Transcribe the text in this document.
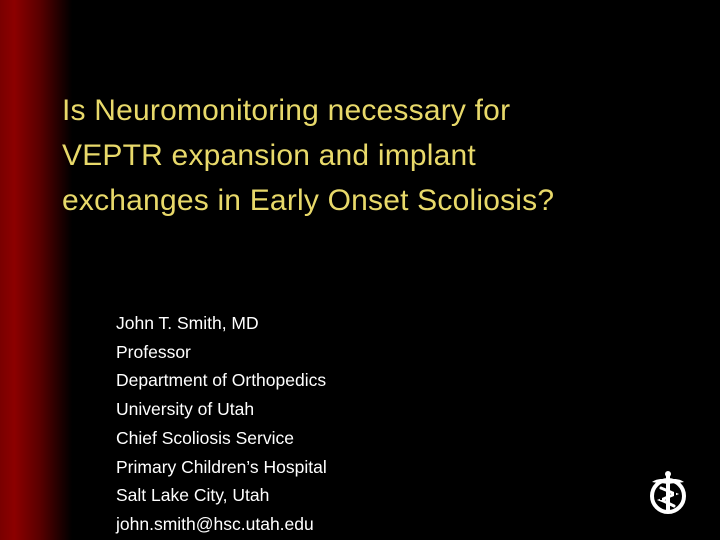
Is Neuromonitoring necessary for
VEPTR expansion and implant
exchanges in Early Onset Scoliosis?
John T. Smith, MD
Professor
Department of Orthopedics
University of Utah
Chief Scoliosis Service
Primary Children’s Hospital
Salt Lake City, Utah
john.smith@hsc.utah.edu
